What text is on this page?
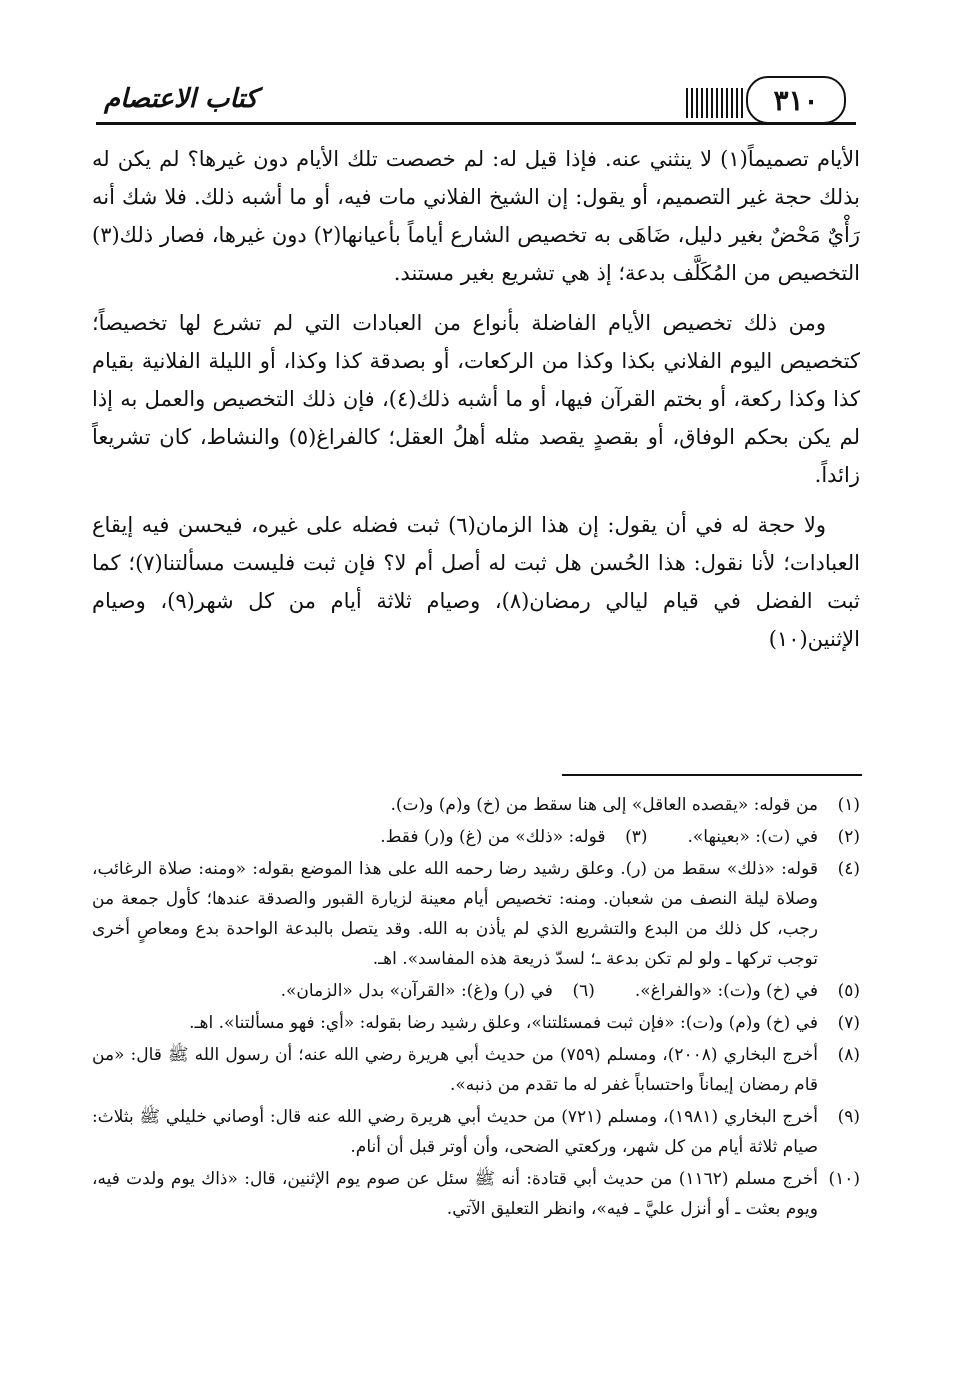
كتاب الاعتصام	٣١٠

الأيام تصميماً(١) لا ينثني عنه. فإذا قيل له: لم خصصت تلك الأيام دون غيرها؟ لم يكن له بذلك حجة غير التصميم، أو يقول: إن الشيخ الفلاني مات فيه، أو ما أشبه ذلك. فلا شك أنه رَأْيٌ مَحْضٌ بغير دليل، ضَاهَى به تخصيص الشارع أياماً بأعيانها(٢) دون غيرها، فصار ذلك(٣) التخصيص من المُكَلَّف بدعة؛ إذ هي تشريع بغير مستند.

ومن ذلك تخصيص الأيام الفاضلة بأنواع من العبادات التي لم تشرع لها تخصيصاً؛ كتخصيص اليوم الفلاني بكذا وكذا من الركعات، أو بصدقة كذا وكذا، أو الليلة الفلانية بقيام كذا وكذا ركعة، أو بختم القرآن فيها، أو ما أشبه ذلك(٤)، فإن ذلك التخصيص والعمل به إذا لم يكن بحكم الوفاق، أو بقصدٍ يقصد مثله أهلُ العقل؛ كالفراغ(٥) والنشاط، كان تشريعاً زائداً.

ولا حجة له في أن يقول: إن هذا الزمان(٦) ثبت فضله على غيره، فيحسن فيه إيقاع العبادات؛ لأنا نقول: هذا الحُسن هل ثبت له أصل أم لا؟ فإن ثبت فليست مسألتنا(٧)؛ كما ثبت الفضل في قيام ليالي رمضان(٨)، وصيام ثلاثة أيام من كل شهر(٩)، وصيام الإثنين(١٠)

(١)
من قوله: «يقصده العاقل» إلى هنا سقط من (خ) و(م) و(ت).
(٢)
في (ت): «بعينها».
(٣)
قوله: «ذلك» من (غ) و(ر) فقط.
(٤)
قوله: «ذلك» سقط من (ر). وعلق رشيد رضا رحمه الله على هذا الموضع بقوله: «ومنه: صلاة الرغائب، وصلاة ليلة النصف من شعبان. ومنه: تخصيص أيام معينة لزيارة القبور والصدقة عندها؛ كأول جمعة من رجب، كل ذلك من البدع والتشريع الذي لم يأذن به الله. وقد يتصل بالبدعة الواحدة بدع ومعاصٍ أخرى توجب تركها ـ ولو لم تكن بدعة ـ؛ لسدّ ذريعة هذه المفاسد». اهـ.
(٥)
في (خ) و(ت): «والفراغ».
(٦)
في (ر) و(غ): «القرآن» بدل «الزمان».
(٧)
في (خ) و(م) و(ت): «فإن ثبت فمسئلتنا»، وعلق رشيد رضا بقوله: «أي: فهو مسألتنا». اهـ.
(٨)
أخرج البخاري (٢٠٠٨)، ومسلم (٧٥٩) من حديث أبي هريرة رضي الله عنه؛ أن رسول الله ﷺ قال: «من قام رمضان إيماناً واحتساباً غفر له ما تقدم من ذنبه».
(٩)
أخرج البخاري (١٩٨١)، ومسلم (٧٢١) من حديث أبي هريرة رضي الله عنه قال: أوصاني خليلي ﷺ بثلاث: صيام ثلاثة أيام من كل شهر، وركعتي الضحى، وأن أوتر قبل أن أنام.
(١٠)
أخرج مسلم (١١٦٢) من حديث أبي قتادة: أنه ﷺ سئل عن صوم يوم الإثنين، قال: «ذاك يوم ولدت فيه، ويوم بعثت ـ أو أنزل عليَّ ـ فيه»، وانظر التعليق الآتي.
